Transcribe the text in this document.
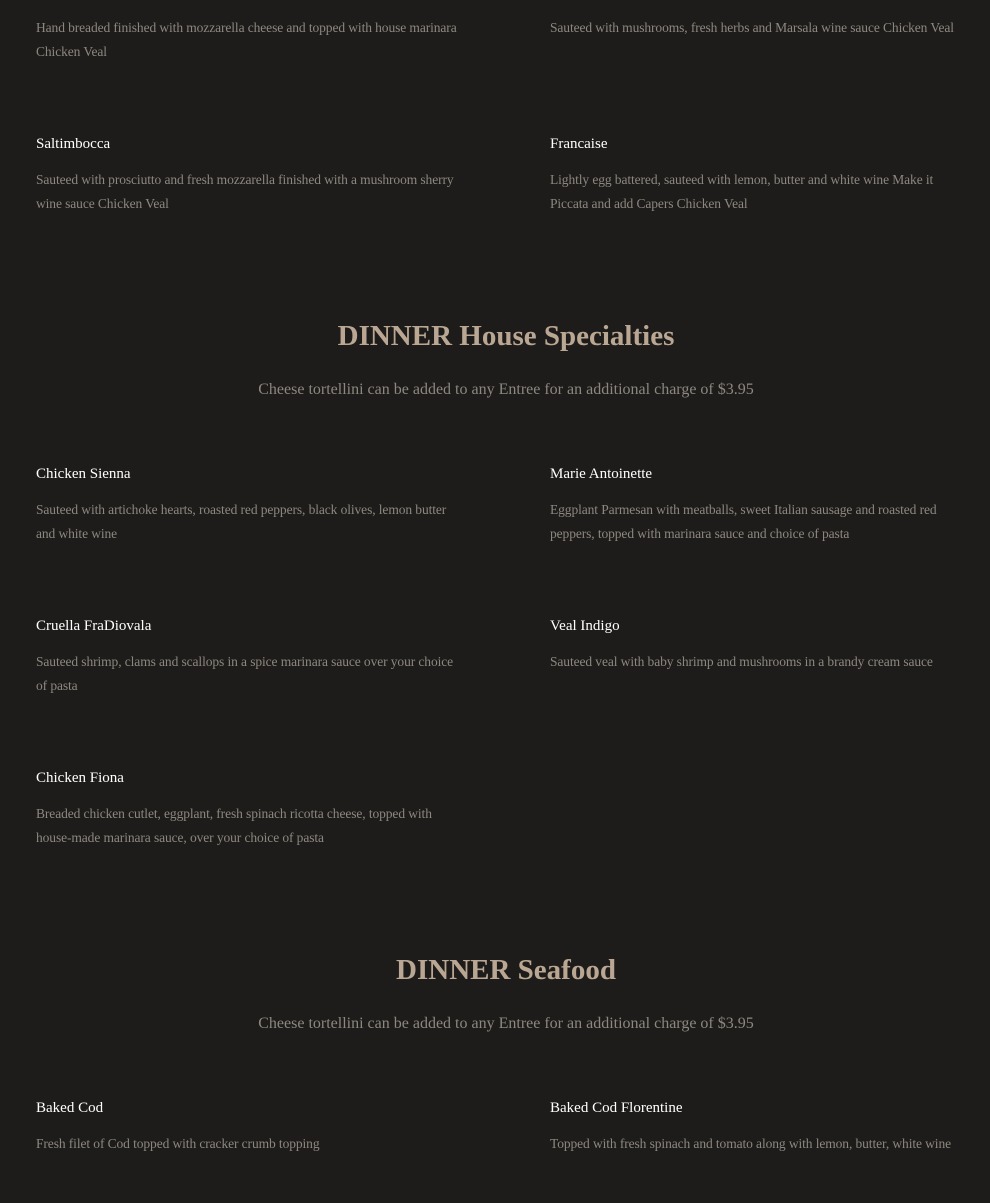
Hand breaded finished with mozzarella cheese and topped with house marinara Chicken Veal

Sauteed with mushrooms, fresh herbs and Marsala wine sauce Chicken Veal

Saltimbocca

Sauteed with prosciutto and fresh mozzarella finished with a mushroom sherry wine sauce Chicken Veal

Francaise

Lightly egg battered, sauteed with lemon, butter and white wine Make it Piccata and add Capers Chicken Veal

DINNER House Specialties

Cheese tortellini can be added to any Entree for an additional charge of $3.95

Chicken Sienna

Sauteed with artichoke hearts, roasted red peppers, black olives, lemon butter and white wine

Marie Antoinette

Eggplant Parmesan with meatballs, sweet Italian sausage and roasted red peppers, topped with marinara sauce and choice of pasta

Cruella FraDiovala

Sauteed shrimp, clams and scallops in a spice marinara sauce over your choice of pasta

Veal Indigo

Sauteed veal with baby shrimp and mushrooms in a brandy cream sauce

Chicken Fiona

Breaded chicken cutlet, eggplant, fresh spinach ricotta cheese, topped with house-made marinara sauce, over your choice of pasta

DINNER Seafood

Cheese tortellini can be added to any Entree for an additional charge of $3.95

Baked Cod

Fresh filet of Cod topped with cracker crumb topping

Baked Cod Florentine

Topped with fresh spinach and tomato along with lemon, butter, white wine
